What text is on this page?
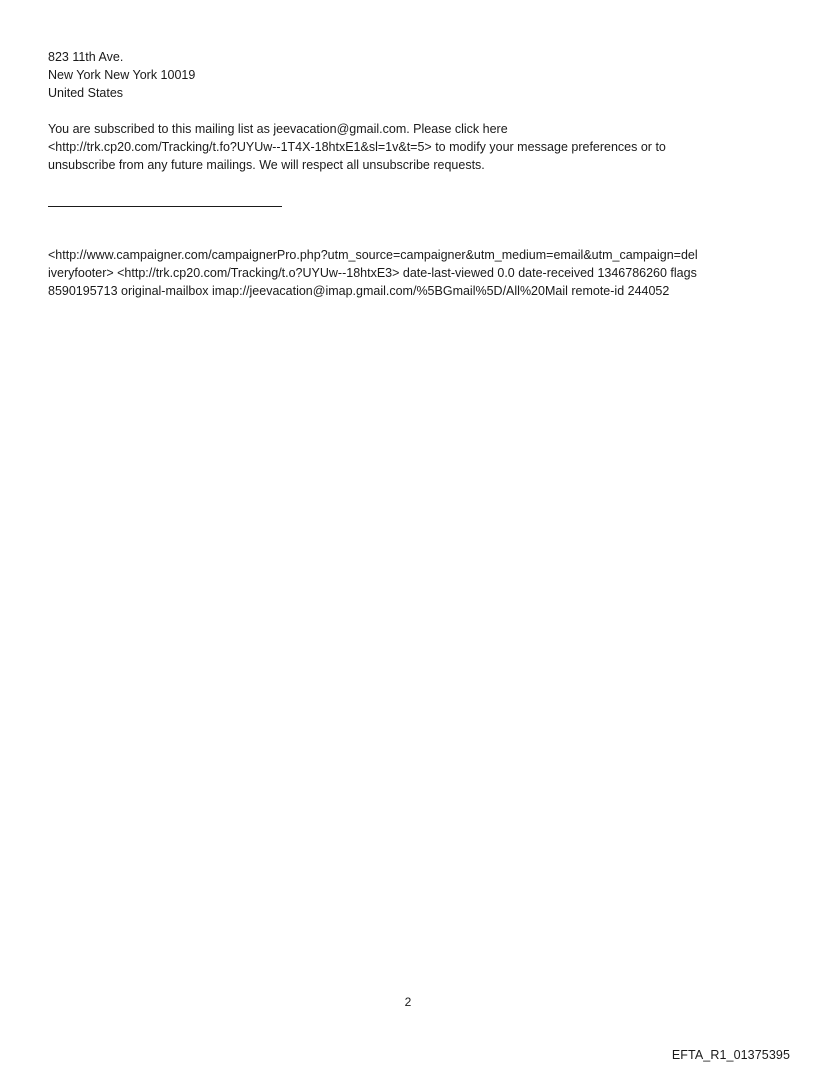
823 11th Ave.
New York New York 10019
United States
You are subscribed to this mailing list as jeevacation@gmail.com. Please click here
<http://trk.cp20.com/Tracking/t.fo?UYUw--1T4X-18htxE1&sl=1v&t=5> to modify your message preferences or to
unsubscribe from any future mailings. We will respect all unsubscribe requests.
<http://www.campaigner.com/campaignerPro.php?utm_source=campaigner&utm_medium=email&utm_campaign=del
iveryfooter> <http://trk.cp20.com/Tracking/t.o?UYUw--18htxE3> date-last-viewed 0.0 date-received 1346786260 flags
8590195713 original-mailbox imap://jeevacation@imap.gmail.com/%5BGmail%5D/All%20Mail remote-id 244052
2
EFTA_R1_01375395
